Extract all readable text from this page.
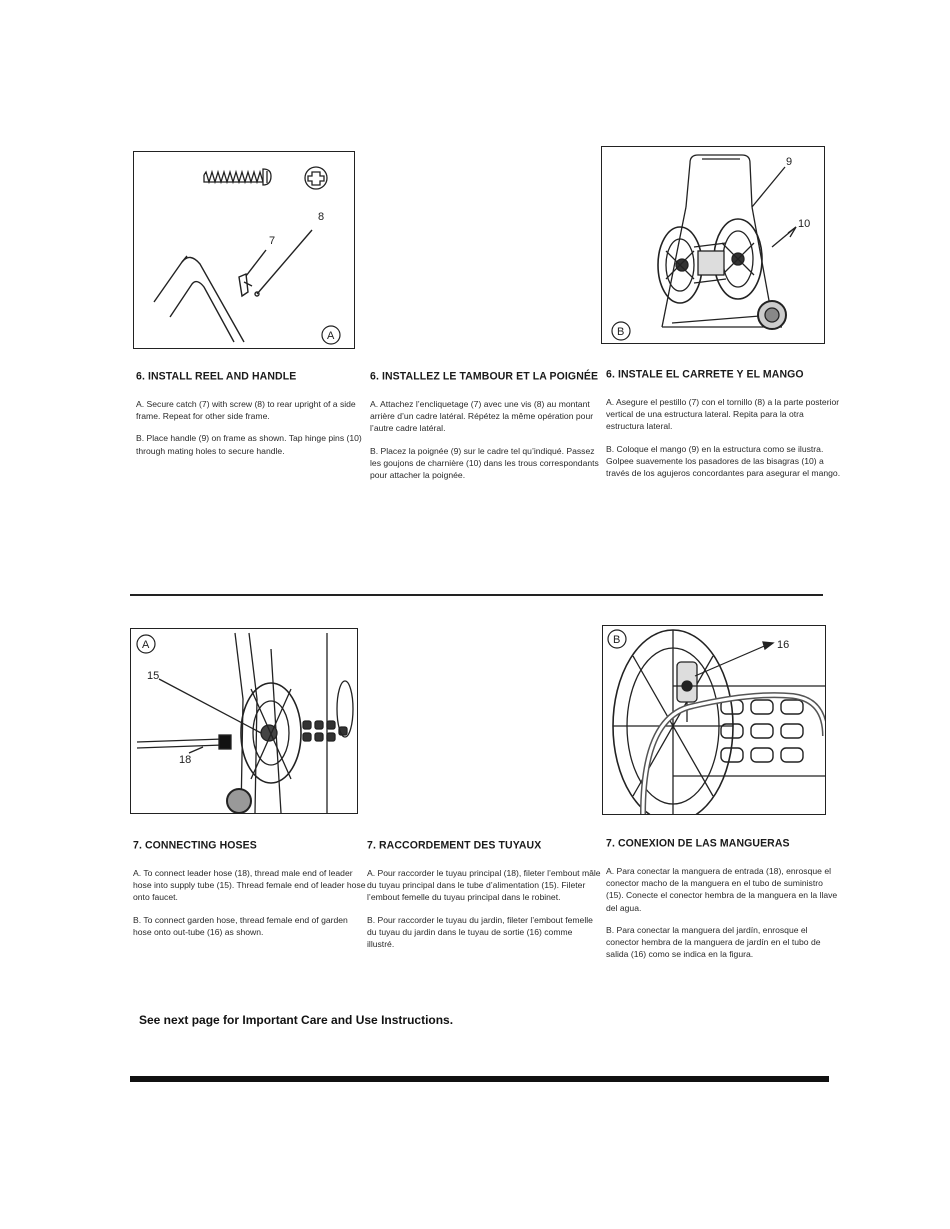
7
8
A
9
10
B
6. INSTALL REEL AND HANDLE

A. Secure catch (7) with screw (8) to rear upright of a side frame. Repeat for other side frame.

B. Place handle (9) on frame as shown. Tap hinge pins (10) through mating holes to secure handle.

6. INSTALLEZ LE TAMBOUR ET LA POIGNÉE

A. Attachez l’encliquetage (7) avec une vis (8) au montant arrière d’un cadre latéral. Répétez la même opération pour l’autre cadre latéral.

B. Placez la poignée (9) sur le cadre tel qu’indiqué. Passez les goujons de charnière (10) dans les trous correspondants pour attacher la poignée.

6. INSTALE EL CARRETE Y EL MANGO

A. Asegure el pestillo (7) con el tornillo (8) a la parte posterior vertical de una estructura lateral. Repita para la otra estructura lateral.

B. Coloque el mango (9) en la estructura como se ilustra. Golpee suavemente los pasadores de las bisagras (10) a través de los agujeros concordantes para asegurar el mango.

A
15
18
B	16
7. CONNECTING HOSES

A. To connect leader hose (18), thread male end of leader hose into supply tube (15). Thread female end of leader hose onto faucet.

B. To connect garden hose, thread female end of garden hose onto out-tube (16) as shown.

7. RACCORDEMENT DES TUYAUX

A. Pour raccorder le tuyau principal (18), fileter l’embout mâle du tuyau principal dans le tube d’alimentation (15). Fileter l’embout femelle du tuyau principal dans le robinet.

B. Pour raccorder le tuyau du jardin, fileter l’embout femelle du tuyau du jardin dans le tuyau de sortie (16) comme illustré.

7. CONEXION DE LAS MANGUERAS

A. Para conectar la manguera de entrada (18), enrosque el conector macho de la manguera en el tubo de suministro (15). Conecte el conector hembra de la manguera en la llave del agua.

B. Para conectar la manguera del jardín, enrosque el conector hembra de la manguera de jardín en el tubo de salida (16) como se indica en la figura.

See next page for Important Care and Use Instructions.
